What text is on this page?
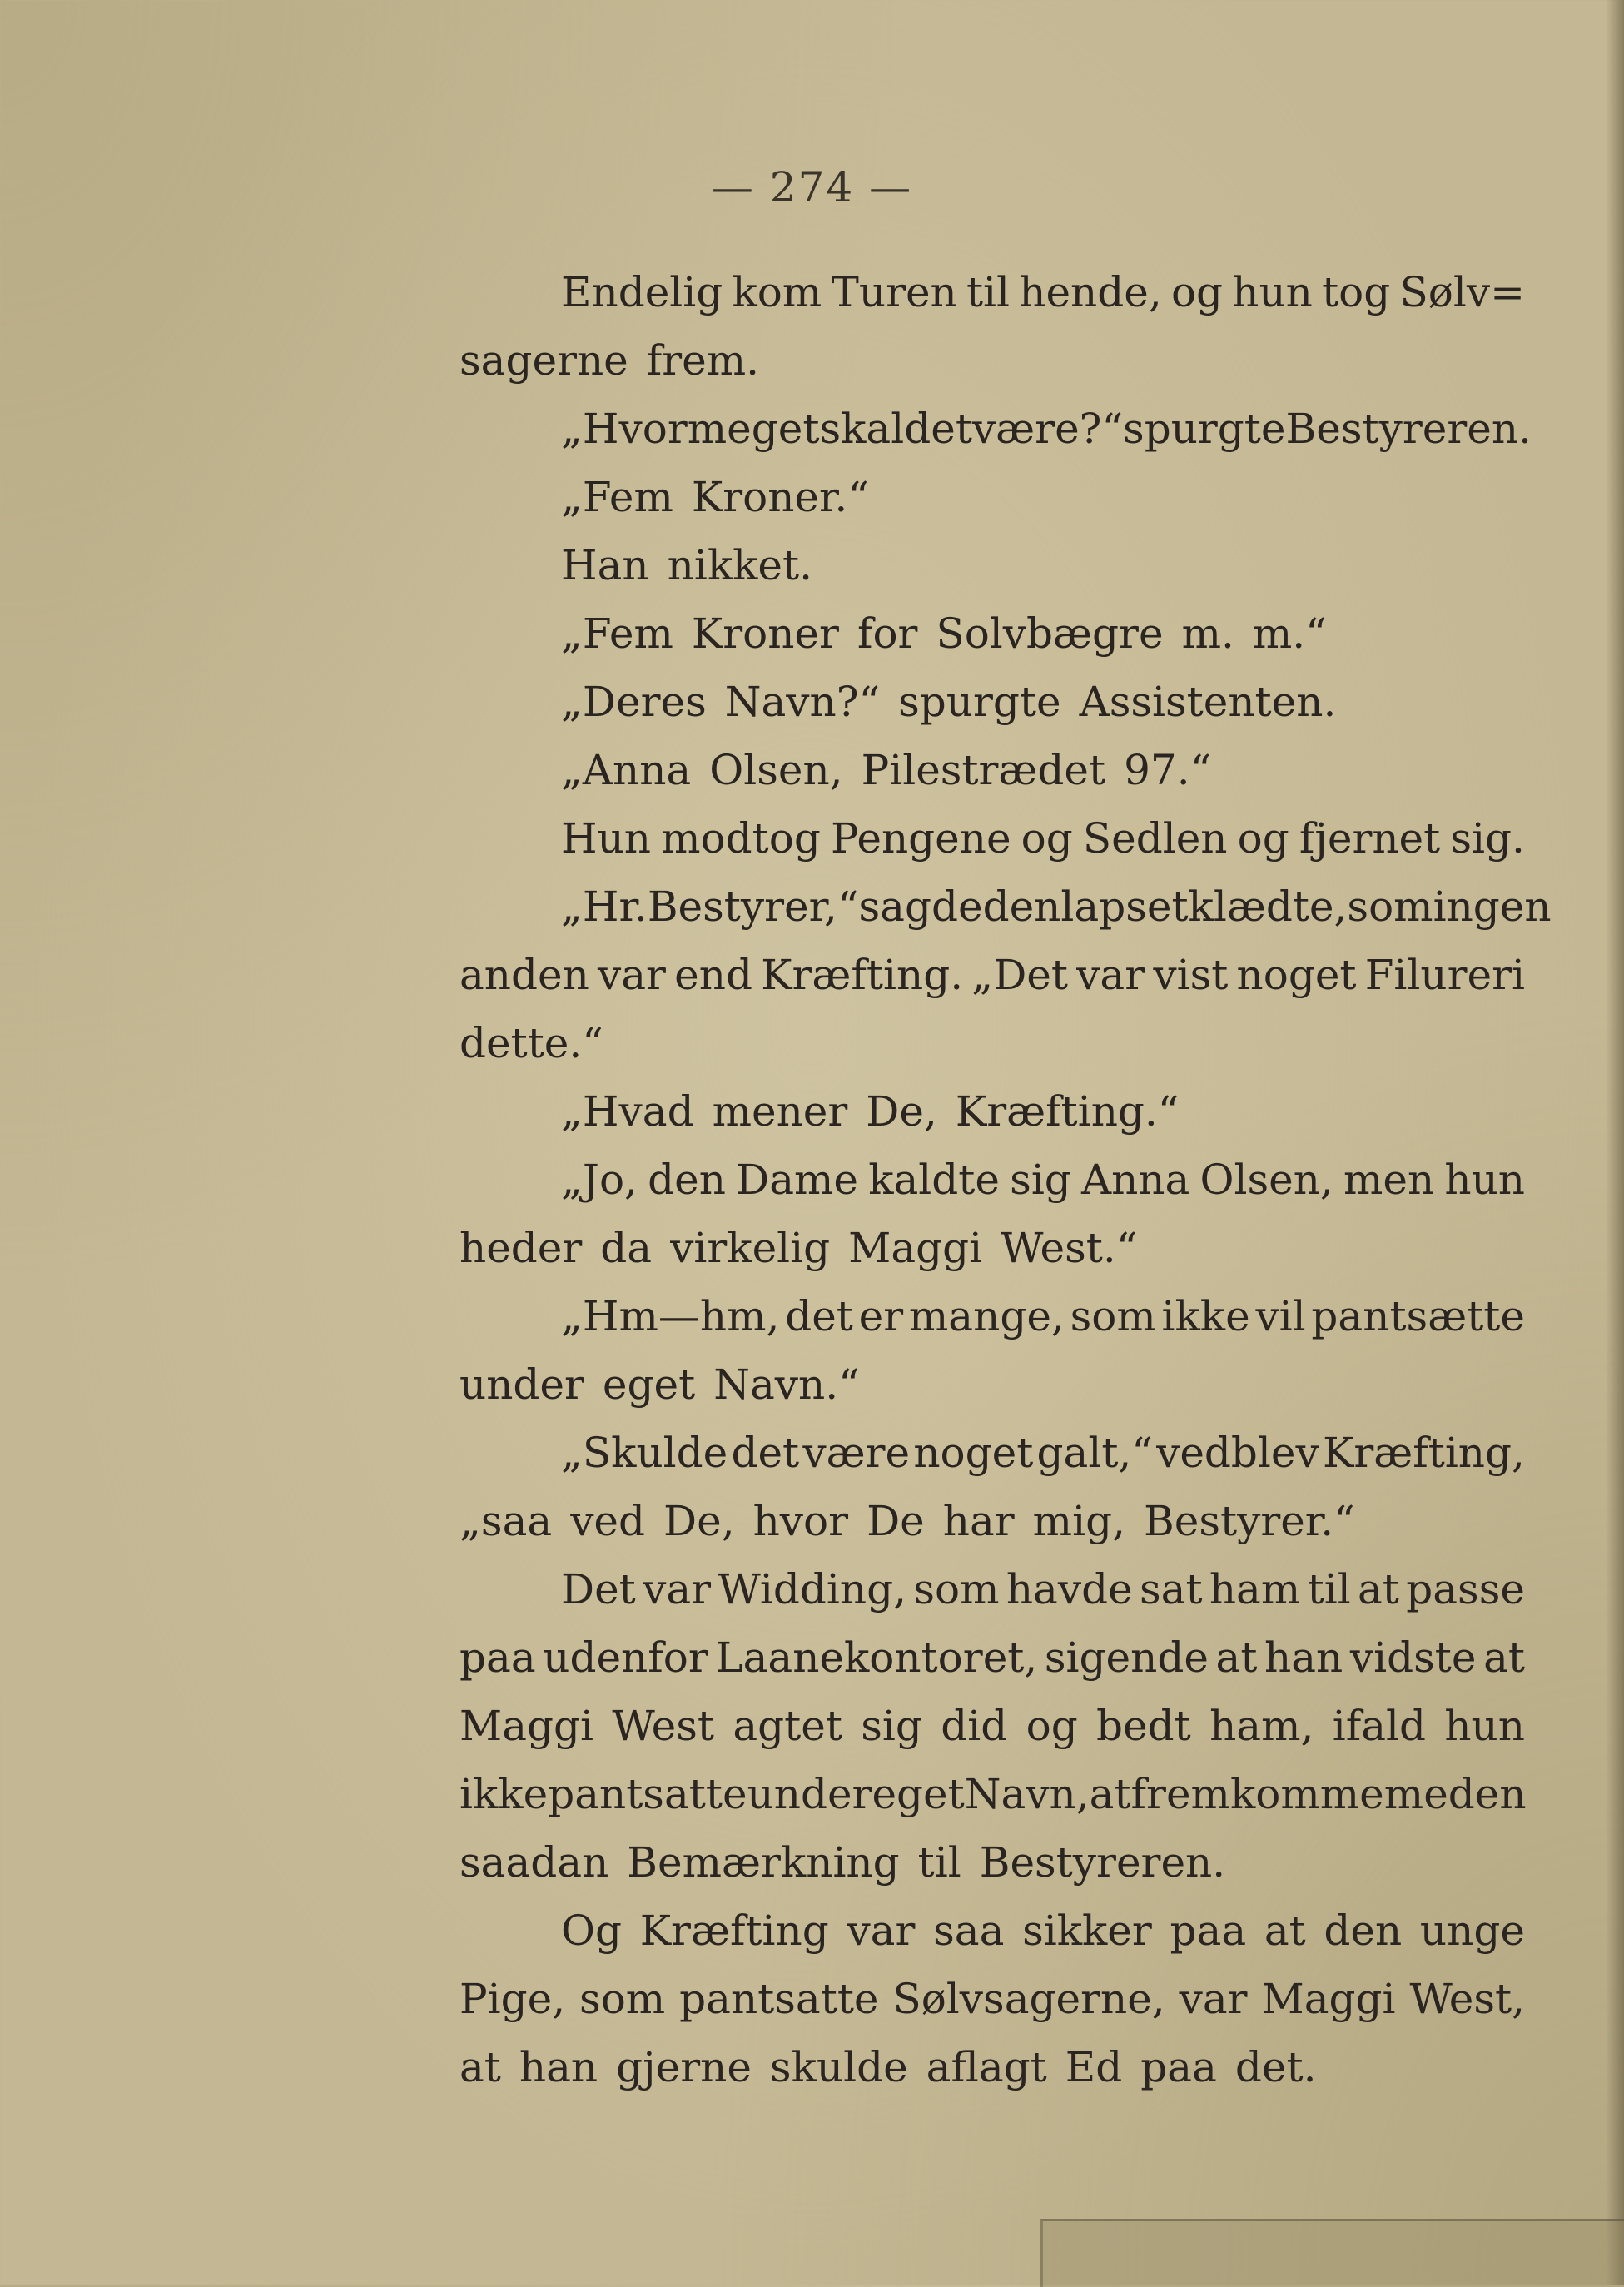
— 274 —
Endelig kom Turen til hende, og hun tog Sølv=
sagerne frem.
„Hvormeget skal det være?“ spurgte Bestyreren.
„Fem Kroner.“
Han nikket.
„Fem Kroner for Solvbægre m. m.“
„Deres Navn?“ spurgte Assistenten.
„Anna Olsen, Pilestrædet 97.“
Hun modtog Pengene og Sedlen og fjernet sig.
„Hr. Bestyrer,“ sagde den lapset klædte, som ingen
anden var end Kræfting. „Det var vist noget Filureri
dette.“
„Hvad mener De, Kræfting.“
„Jo, den Dame kaldte sig Anna Olsen, men hun
heder da virkelig Maggi West.“
„Hm—hm, det er mange, som ikke vil pantsætte
under eget Navn.“
„Skulde det være noget galt,“ vedblev Kræfting,
„saa ved De, hvor De har mig, Bestyrer.“
Det var Widding, som havde sat ham til at passe
paa udenfor Laanekontoret, sigende at han vidste at
Maggi West agtet sig did og bedt ham, ifald hun
ikke pantsatte under eget Navn, at fremkomme med en
saadan Bemærkning til Bestyreren.
Og Kræfting var saa sikker paa at den unge
Pige, som pantsatte Sølvsagerne, var Maggi West,
at han gjerne skulde aflagt Ed paa det.
